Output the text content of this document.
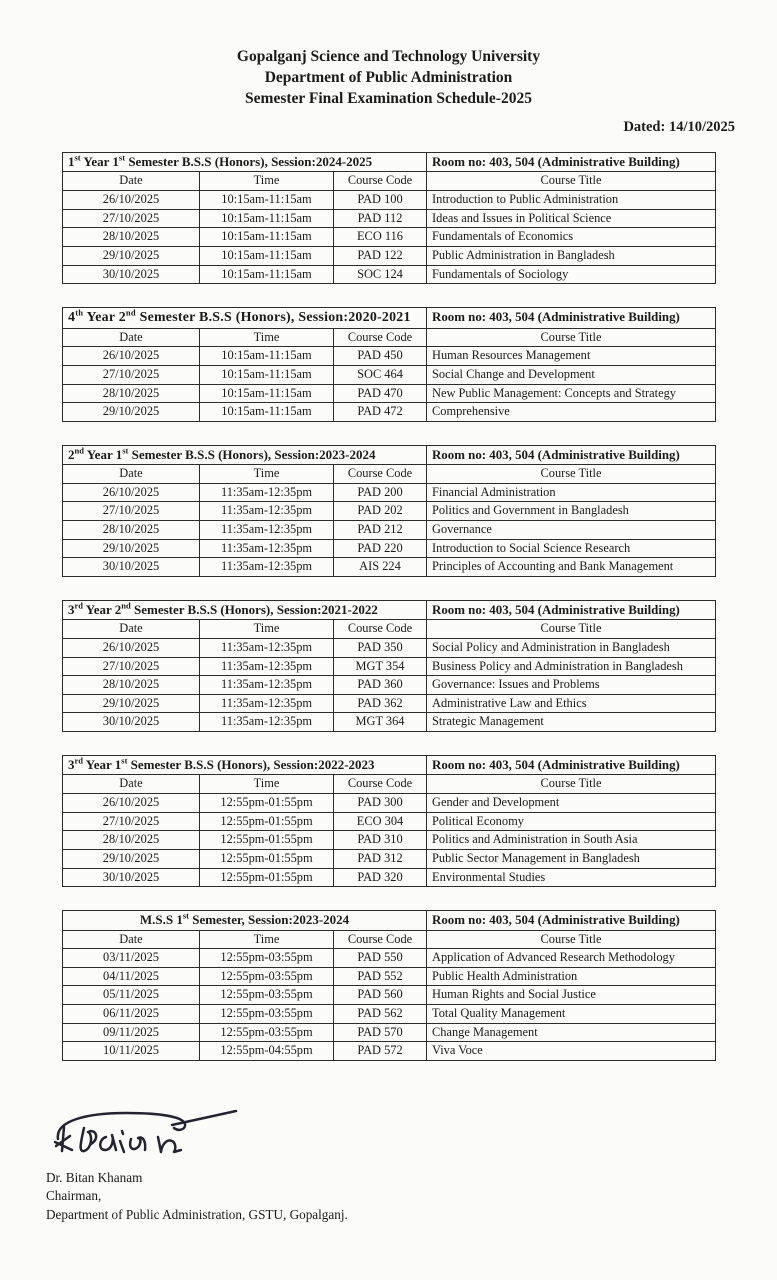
Gopalganj Science and Technology University
Department of Public Administration
Semester Final Examination Schedule-2025
Dated: 14/10/2025
1st Year 1st Semester B.S.S (Honors), Session:2024-2025			Room no: 403, 504 (Administrative Building)
Date	Time	Course Code	Course Title
26/10/2025	10:15am-11:15am	PAD 100	Introduction to Public Administration
27/10/2025	10:15am-11:15am	PAD 112	Ideas and Issues in Political Science
28/10/2025	10:15am-11:15am	ECO 116	Fundamentals of Economics
29/10/2025	10:15am-11:15am	PAD 122	Public Administration in Bangladesh
30/10/2025	10:15am-11:15am	SOC 124	Fundamentals of Sociology
4th Year 2nd Semester B.S.S (Honors), Session:2020-2021			Room no: 403, 504 (Administrative Building)
Date	Time	Course Code	Course Title
26/10/2025	10:15am-11:15am	PAD 450	Human Resources Management
27/10/2025	10:15am-11:15am	SOC 464	Social Change and Development
28/10/2025	10:15am-11:15am	PAD 470	New Public Management: Concepts and Strategy
29/10/2025	10:15am-11:15am	PAD 472	Comprehensive
2nd Year 1st Semester B.S.S (Honors), Session:2023-2024			Room no: 403, 504 (Administrative Building)
Date	Time	Course Code	Course Title
26/10/2025	11:35am-12:35pm	PAD 200	Financial Administration
27/10/2025	11:35am-12:35pm	PAD 202	Politics and Government in Bangladesh
28/10/2025	11:35am-12:35pm	PAD 212	Governance
29/10/2025	11:35am-12:35pm	PAD 220	Introduction to Social Science Research
30/10/2025	11:35am-12:35pm	AIS 224	Principles of Accounting and Bank Management
3rd Year 2nd Semester B.S.S (Honors), Session:2021-2022			Room no: 403, 504 (Administrative Building)
Date	Time	Course Code	Course Title
26/10/2025	11:35am-12:35pm	PAD 350	Social Policy and Administration in Bangladesh
27/10/2025	11:35am-12:35pm	MGT 354	Business Policy and Administration in Bangladesh
28/10/2025	11:35am-12:35pm	PAD 360	Governance: Issues and Problems
29/10/2025	11:35am-12:35pm	PAD 362	Administrative Law and Ethics
30/10/2025	11:35am-12:35pm	MGT 364	Strategic Management
3rd Year 1st Semester B.S.S (Honors), Session:2022-2023			Room no: 403, 504 (Administrative Building)
Date	Time	Course Code	Course Title
26/10/2025	12:55pm-01:55pm	PAD 300	Gender and Development
27/10/2025	12:55pm-01:55pm	ECO 304	Political Economy
28/10/2025	12:55pm-01:55pm	PAD 310	Politics and Administration in South Asia
29/10/2025	12:55pm-01:55pm	PAD 312	Public Sector Management in Bangladesh
30/10/2025	12:55pm-01:55pm	PAD 320	Environmental Studies
M.S.S 1st Semester, Session:2023-2024			Room no: 403, 504 (Administrative Building)
Date	Time	Course Code	Course Title
03/11/2025	12:55pm-03:55pm	PAD 550	Application of Advanced Research Methodology
04/11/2025	12:55pm-03:55pm	PAD 552	Public Health Administration
05/11/2025	12:55pm-03:55pm	PAD 560	Human Rights and Social Justice
06/11/2025	12:55pm-03:55pm	PAD 562	Total Quality Management
09/11/2025	12:55pm-03:55pm	PAD 570	Change Management
10/11/2025	12:55pm-04:55pm	PAD 572	Viva Voce
Dr. Bitan Khanam
Chairman,
Department of Public Administration, GSTU, Gopalganj.
